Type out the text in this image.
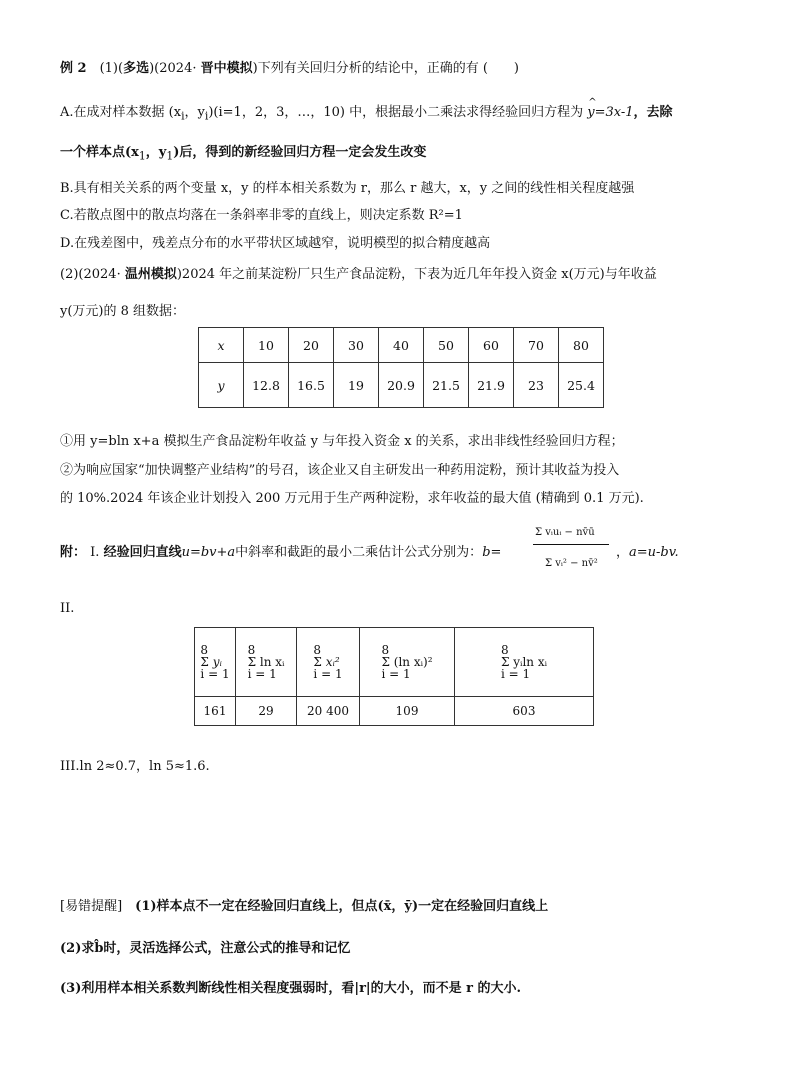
例 2　 (1)(多选)(2024· 晋中模拟)下列有关回归分析的结论中，正确的有 (　　)
A.在成对样本数据 ($x_i$，$y_i)(i=1$，2，3，…，10) 中，根据最小二乘法求得经验回归方程为 ^ y=3x-1，去除
一个样本点($x_1$，$y_1$)后，得到的新经验回归方程一定会发生改变
B.具有相关关系的两个变量 x，y 的样本相关系数为 r，那么 r 越大，x，y 之间的线性相关程度越强
C.若散点图中的散点均落在一条斜率非零的直线上，则决定系数 R²=1
D.在残差图中，残差点分布的水平带状区域越窄，说明模型的拟合精度越高
(2)(2024· 温州模拟)2024 年之前某淀粉厂只生产食品淀粉，下表为近几年年投入资金 x(万元)与年收益
y(万元)的 8 组数据：
x	10	20	30	40	50	60	70	80
y	12.8	16.5	19	20.9	21.5	21.9	23	25.4
①用 y=bln x+a 模拟生产食品淀粉年收益 y 与年投入资金 x 的关系，求出非线性经验回归方程；
②为响应国家“加快调整产业结构”的号召，该企业又自主研发出一种药用淀粉，预计其收益为投入
的 10%.2024 年该企业计划投入 200 万元用于生产两种淀粉，求年收益的最大值 (精确到 0.1 万元).
附： I. 经验回归直线u=bv+a中斜率和截距的最小二乘估计公式分别为：b=
Σ vᵢuᵢ − nv̄ū
Σ vᵢ² − nv̄²
，a=u-bv.
II.
8
Σ yᵢ
i = 1	8
Σ ln xᵢ
i = 1	8
Σ xᵢ²
i = 1	8
Σ (ln xᵢ)²
i = 1	8
Σ yᵢln xᵢ
i = 1
161	29	20 400	109	603
III.ln 2≈0.7，ln 5≈1.6.
[易错提醒]　 (1)样本点不一定在经验回归直线上，但点(x̄，ȳ)一定在经验回归直线上
(2)求b̂时，灵活选择公式，注意公式的推导和记忆
(3)利用样本相关系数判断线性相关程度强弱时，看|r|的大小，而不是 r 的大小.
